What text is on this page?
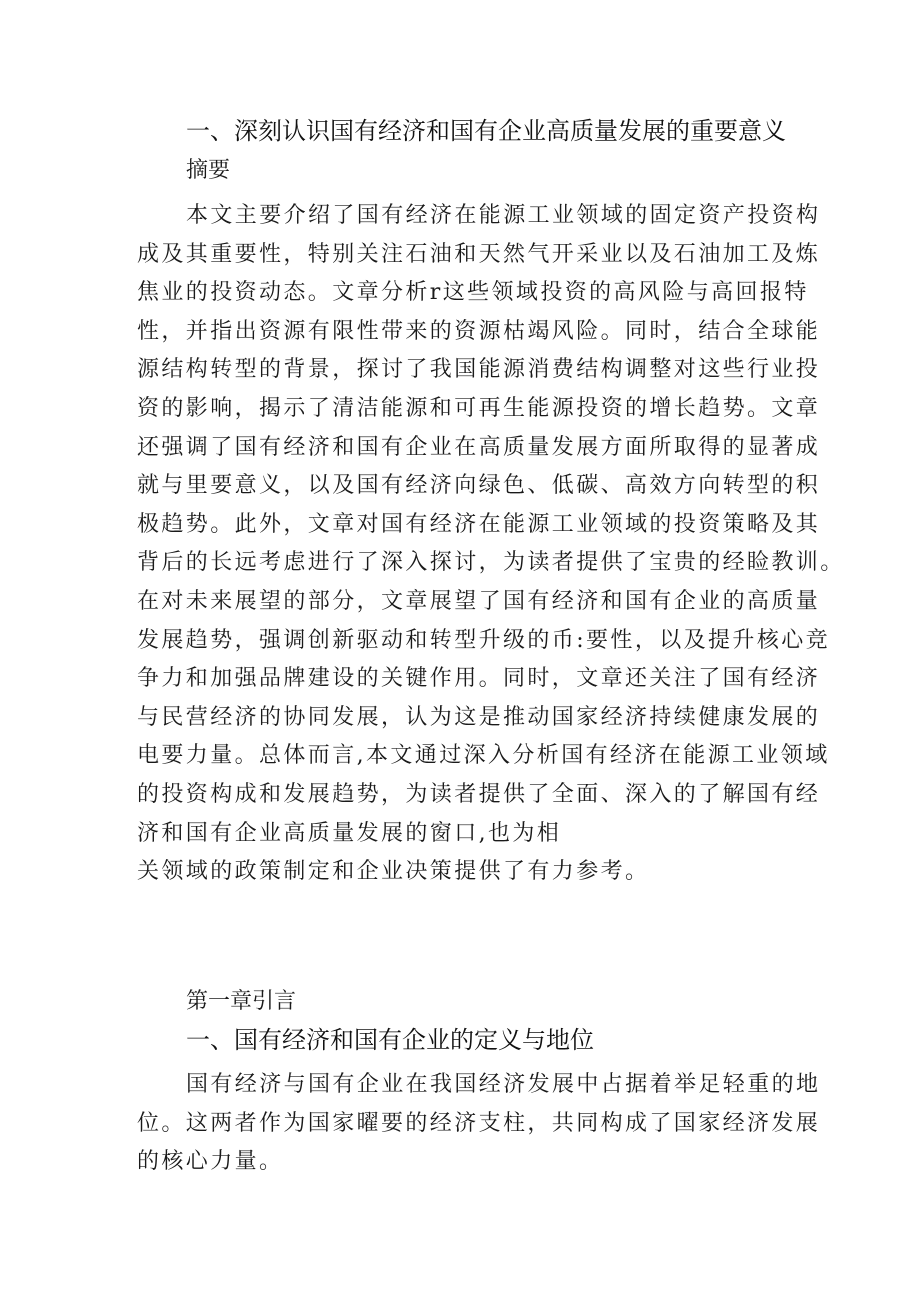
一、深刻认识国有经济和国有企业高质量发展的重要意义
摘要
本文主要介绍了国有经济在能源工业领域的固定资产投资构
成及其重要性，特别关注石油和天然气开采业以及石油加工及炼
焦业的投资动态。文章分析r这些领域投资的高风险与高回报特
性，并指出资源有限性带来的资源枯竭风险。同时，结合全球能
源结构转型的背景，探讨了我国能源消费结构调整对这些行业投
资的影响，揭示了清洁能源和可再生能源投资的增长趋势。文章
还强调了国有经济和国有企业在高质量发展方面所取得的显著成
就与里要意义，以及国有经济向绿色、低碳、高效方向转型的积
极趋势。此外，文章对国有经济在能源工业领域的投资策略及其
背后的长远考虑进行了深入探讨，为读者提供了宝贵的经睑教训。
在对未来展望的部分，文章展望了国有经济和国有企业的高质量
发展趋势，强调创新驱动和转型升级的币:要性，以及提升核心竞
争力和加强品牌建设的关键作用。同时，文章还关注了国有经济
与民营经济的协同发展，认为这是推动国家经济持续健康发展的
电要力量。总体而言,本文通过深入分析国有经济在能源工业领域
的投资构成和发展趋势，为读者提供了全面、深入的了解国有经
济和国有企业高质量发展的窗口,也为相
关领域的政策制定和企业决策提供了有力参考。
第一章引言
一、国有经济和国有企业的定义与地位
国有经济与国有企业在我国经济发展中占据着举足轻重的地
位。这两者作为国家曜要的经济支柱，共同构成了国家经济发展
的核心力量。
